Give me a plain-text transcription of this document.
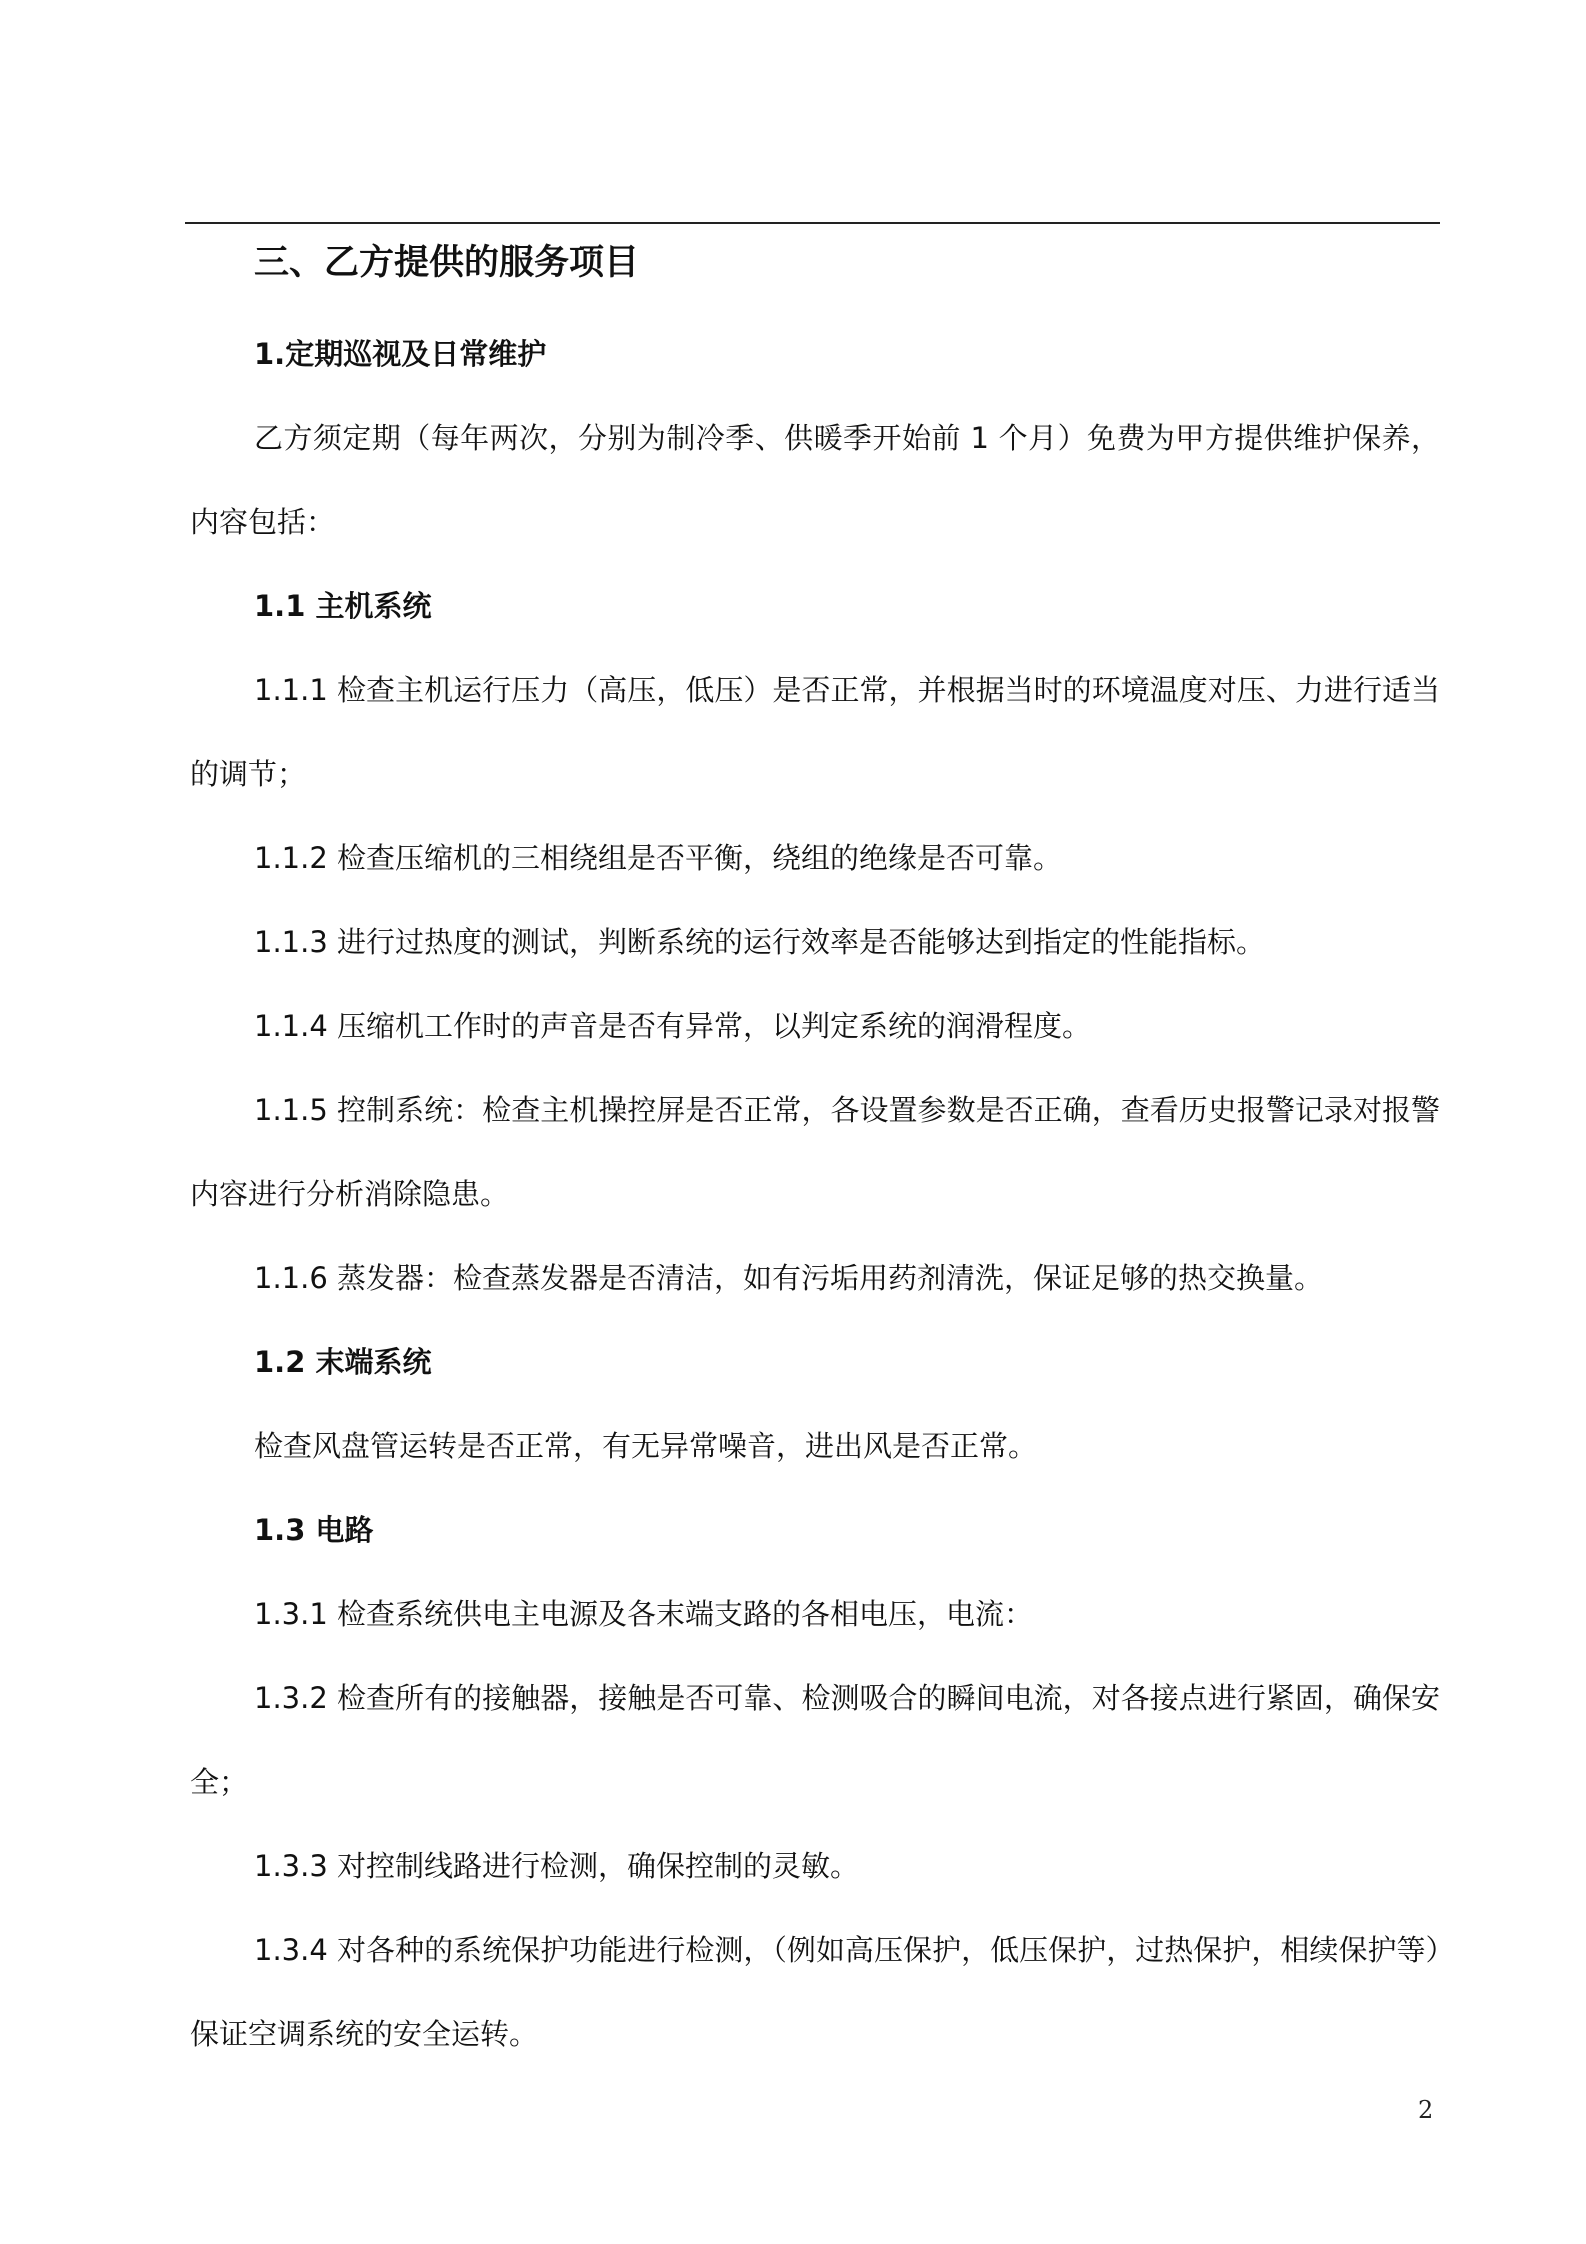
三、乙方提供的服务项目

1.定期巡视及日常维护

乙方须定期（每年两次，分别为制冷季、供暖季开始前 1 个月）免费为甲方提供维护保养，内容包括：

1.1 主机系统

1.1.1 检查主机运行压力（高压，低压）是否正常，并根据当时的环境温度对压、力进行适当的调节；

1.1.2 检查压缩机的三相绕组是否平衡，绕组的绝缘是否可靠。

1.1.3 进行过热度的测试，判断系统的运行效率是否能够达到指定的性能指标。

1.1.4 压缩机工作时的声音是否有异常，以判定系统的润滑程度。

1.1.5 控制系统：检查主机操控屏是否正常，各设置参数是否正确，查看历史报警记录对报警内容进行分析消除隐患。

1.1.6 蒸发器：检查蒸发器是否清洁，如有污垢用药剂清洗，保证足够的热交换量。

1.2 末端系统

检查风盘管运转是否正常，有无异常噪音，进出风是否正常。

1.3 电路

1.3.1 检查系统供电主电源及各末端支路的各相电压，电流：

1.3.2 检查所有的接触器，接触是否可靠、检测吸合的瞬间电流，对各接点进行紧固，确保安全；

1.3.3 对控制线路进行检测，确保控制的灵敏。

1.3.4 对各种的系统保护功能进行检测，（例如高压保护，低压保护，过热保护，相续保护等）保证空调系统的安全运转。

2
